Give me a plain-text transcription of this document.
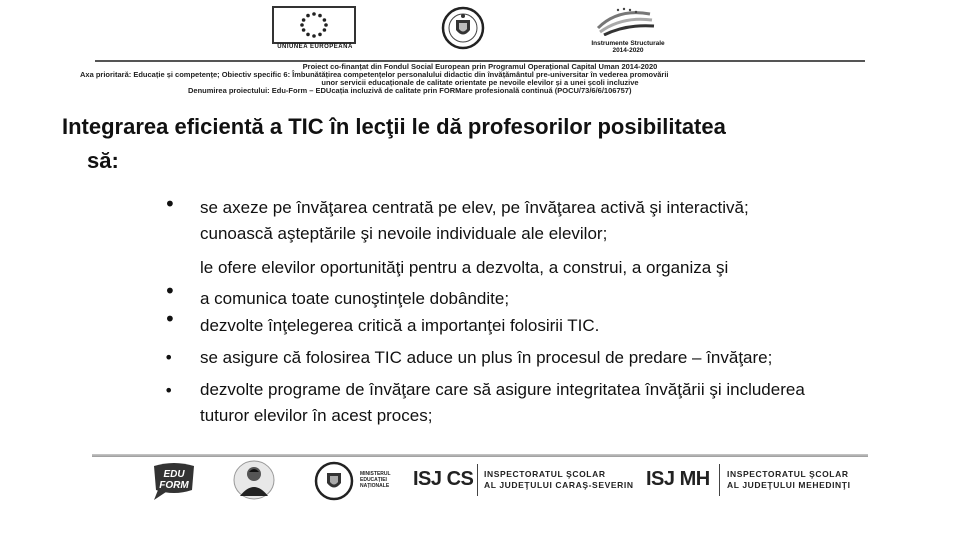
UNIUNEA EUROPEANĂ	Instrumente Structurale
2014-2020
Proiect co-finanțat din Fondul Social European prin Programul Operațional Capital Uman 2014-2020
Axa prioritară: Educație și competențe; Obiectiv specific 6: Îmbunătățirea competențelor personalului didactic din învățământul pre-universitar în vederea promovării
unor servicii educaționale de calitate orientate pe nevoile elevilor și a unei școli incluzive
Denumirea proiectului: Edu-Form – EDUcația incluzivă de calitate prin FORMare profesională continuă (POCU/73/6/6/106757)
Integrarea eficientă a TIC în lecţii le dă profesorilor posibilitatea
să:
• se axeze pe învăţarea centrată pe elev, pe învăţarea activă şi interactivă;
cunoască aşteptările şi nevoile individuale ale elevilor;
le ofere elevilor oportunităţi pentru a dezvolta, a construi, a organiza şi
• a comunica toate cunoştinţele dobândite;
• dezvolte înţelegerea critică a importanţei folosirii TIC.
• se asigure că folosirea TIC aduce un plus în procesul de predare – învăţare;
• dezvolte programe de învăţare care să asigure integritatea învăţării şi includerea
tuturor elevilor în acest proces;
EDU
FORM
MINISTERUL
EDUCAȚIEI
NAȚIONALE	ISJ CS INSPECTORATUL ŞCOLAR
AL JUDEŢULUI CARAŞ-SEVERIN ISJ MH INSPECTORATUL ŞCOLAR
AL JUDEŢULUI MEHEDINŢI
